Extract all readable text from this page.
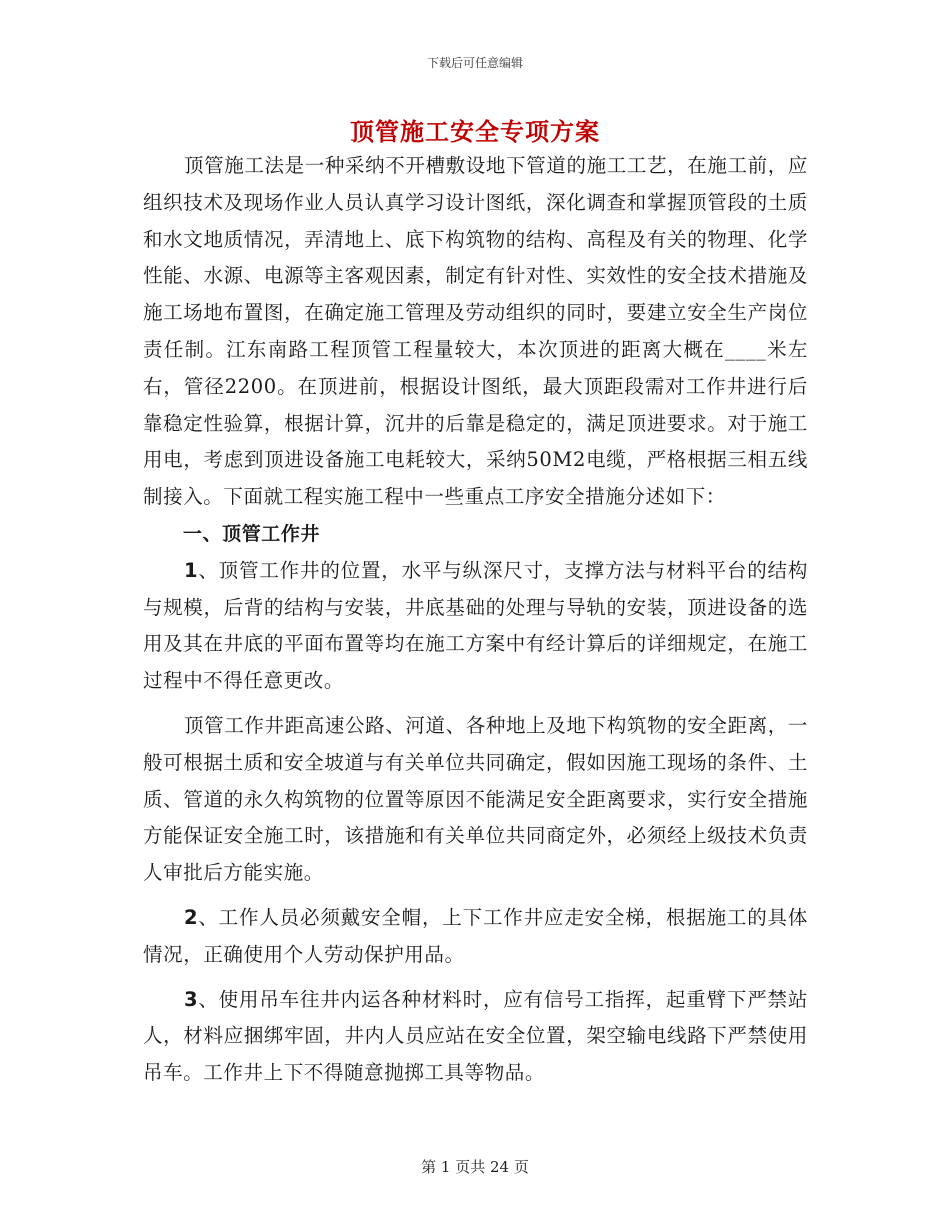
下载后可任意编辑
顶管施工安全专项方案

顶管施工法是一种采纳不开槽敷设地下管道的施工工艺，在施工前，应组织技术及现场作业人员认真学习设计图纸，深化调查和掌握顶管段的土质和水文地质情况，弄清地上、底下构筑物的结构、高程及有关的物理、化学性能、水源、电源等主客观因素，制定有针对性、实效性的安全技术措施及施工场地布置图，在确定施工管理及劳动组织的同时，要建立安全生产岗位责任制。江东南路工程顶管工程量较大，本次顶进的距离大概在____米左右，管径2200。在顶进前，根据设计图纸，最大顶距段需对工作井进行后靠稳定性验算，根据计算，沉井的后靠是稳定的，满足顶进要求。对于施工用电，考虑到顶进设备施工电耗较大，采纳50M2电缆，严格根据三相五线制接入。下面就工程实施工程中一些重点工序安全措施分述如下：

一、顶管工作井

1、顶管工作井的位置，水平与纵深尺寸，支撑方法与材料平台的结构与规模，后背的结构与安装，井底基础的处理与导轨的安装，顶进设备的选用及其在井底的平面布置等均在施工方案中有经计算后的详细规定，在施工过程中不得任意更改。

顶管工作井距高速公路、河道、各种地上及地下构筑物的安全距离，一般可根据土质和安全坡道与有关单位共同确定，假如因施工现场的条件、土质、管道的永久构筑物的位置等原因不能满足安全距离要求，实行安全措施方能保证安全施工时，该措施和有关单位共同商定外，必须经上级技术负责人审批后方能实施。

2、工作人员必须戴安全帽，上下工作井应走安全梯，根据施工的具体情况，正确使用个人劳动保护用品。

3、使用吊车往井内运各种材料时，应有信号工指挥，起重臂下严禁站人，材料应捆绑牢固，井内人员应站在安全位置，架空输电线路下严禁使用吊车。工作井上下不得随意抛掷工具等物品。

第 1 页共 24 页
